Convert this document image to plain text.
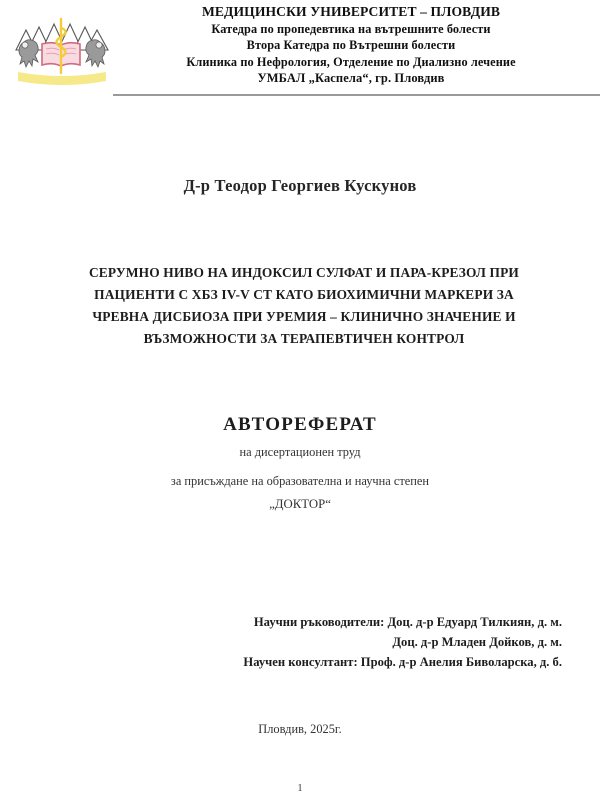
МЕДИЦИНСКИ УНИВЕРСИТЕТ – ПЛОВДИВ
Катедра по пропедевтика на вътрешните болести
Втора Катедра по Вътрешни болести
Клиника по Нефрология, Отделение по Диализно лечение
УМБАЛ „Каспела“, гр. Пловдив
Д-р Теодор Георгиев Кускунов
СЕРУМНО НИВО НА ИНДОКСИЛ СУЛФАТ И ПАРА-КРЕЗОЛ ПРИ
ПАЦИЕНТИ С ХБЗ IV-V СТ КАТО БИОХИМИЧНИ МАРКЕРИ ЗА
ЧРЕВНА ДИСБИОЗА ПРИ УРЕМИЯ – КЛИНИЧНО ЗНАЧЕНИЕ И
ВЪЗМОЖНОСТИ ЗА ТЕРАПЕВТИЧЕН КОНТРОЛ
АВТОРЕФЕРАТ
на дисертационен труд
за присъждане на образователна и научна степен
„ДОКТОР“
Научни ръководители: Доц. д-р Едуард Тилкиян, д. м.
Доц. д-р Младен Дойков, д. м.
Научен консултант: Проф. д-р Анелия Биволарска, д. б.
Пловдив, 2025г.
1
